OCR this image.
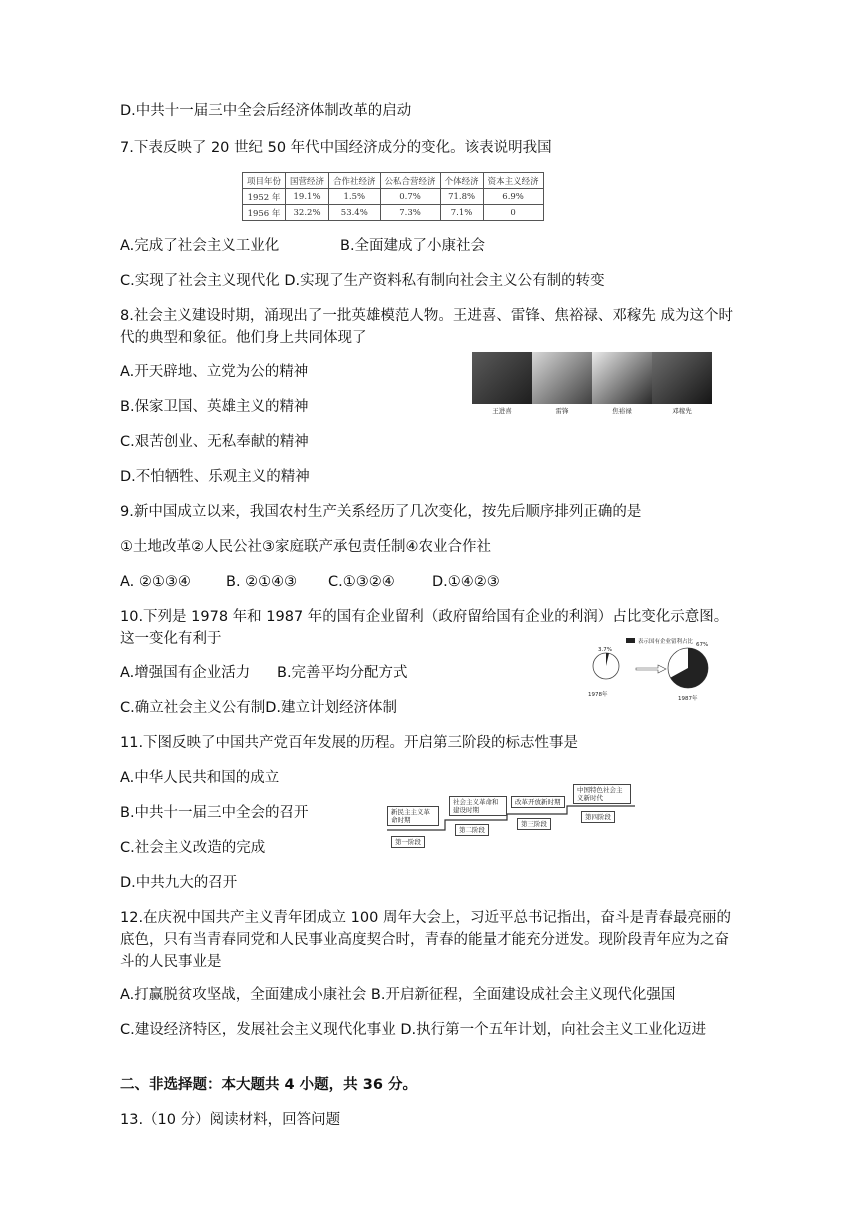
D.中共十一届三中全会后经济体制改革的启动
7.下表反映了 20 世纪 50 年代中国经济成分的变化。该表说明我国
项目年份	国营经济	合作社经济	公私合营经济	个体经济	资本主义经济
1952 年	19.1%	1.5%	0.7%	71.8%	6.9%
1956 年	32.2%	53.4%	7.3%	7.1%	0
A.完成了社会主义工业化	B.全面建成了小康社会
C.实现了社会主义现代化 D.实现了生产资料私有制向社会主义公有制的转变
8.社会主义建设时期，涌现出了一批英雄模范人物。王进喜、雷锋、焦裕禄、邓稼先 成为这个时代的典型和象征。他们身上共同体现了
A.开天辟地、立党为公的精神
B.保家卫国、英雄主义的精神
C.艰苦创业、无私奉献的精神
D.不怕牺牲、乐观主义的精神
王进喜	雷锋	焦裕禄	邓稼先
9.新中国成立以来，我国农村生产关系经历了几次变化，按先后顺序排列正确的是
①土地改革②人民公社③家庭联产承包责任制④农业合作社
A. ②①③④ B. ②①④③ C.①③②④	D.①④②③
10.下列是 1978 年和 1987 年的国有企业留利（政府留给国有企业的利润）占比变化示意图。这一变化有利于
A.增强国有企业活力 B.完善平均分配方式
C.确立社会主义公有制D.建立计划经济体制
表示国有企业留利占比
3.7%
1978年
67%
1987年
11.下图反映了中国共产党百年发展的历程。开启第三阶段的标志性事是
A.中华人民共和国的成立
B.中共十一届三中全会的召开
C.社会主义改造的完成
D.中共九大的召开
新民主主义革命时期
第一阶段
社会主义革命和建设时期
第二阶段
改革开放新时期
第三阶段
中国特色社会主义新时代
第四阶段
12.在庆祝中国共产主义青年团成立 100 周年大会上，习近平总书记指出，奋斗是青春最亮丽的底色，只有当青春同党和人民事业高度契合时，青春的能量才能充分迸发。现阶段青年应为之奋斗的人民事业是
A.打赢脱贫攻坚战，全面建成小康社会 B.开启新征程，全面建设成社会主义现代化强国
C.建设经济特区，发展社会主义现代化事业 D.执行第一个五年计划，向社会主义工业化迈进
二、非选择题：本大题共 4 小题，共 36 分。
13.（10 分）阅读材料，回答问题
